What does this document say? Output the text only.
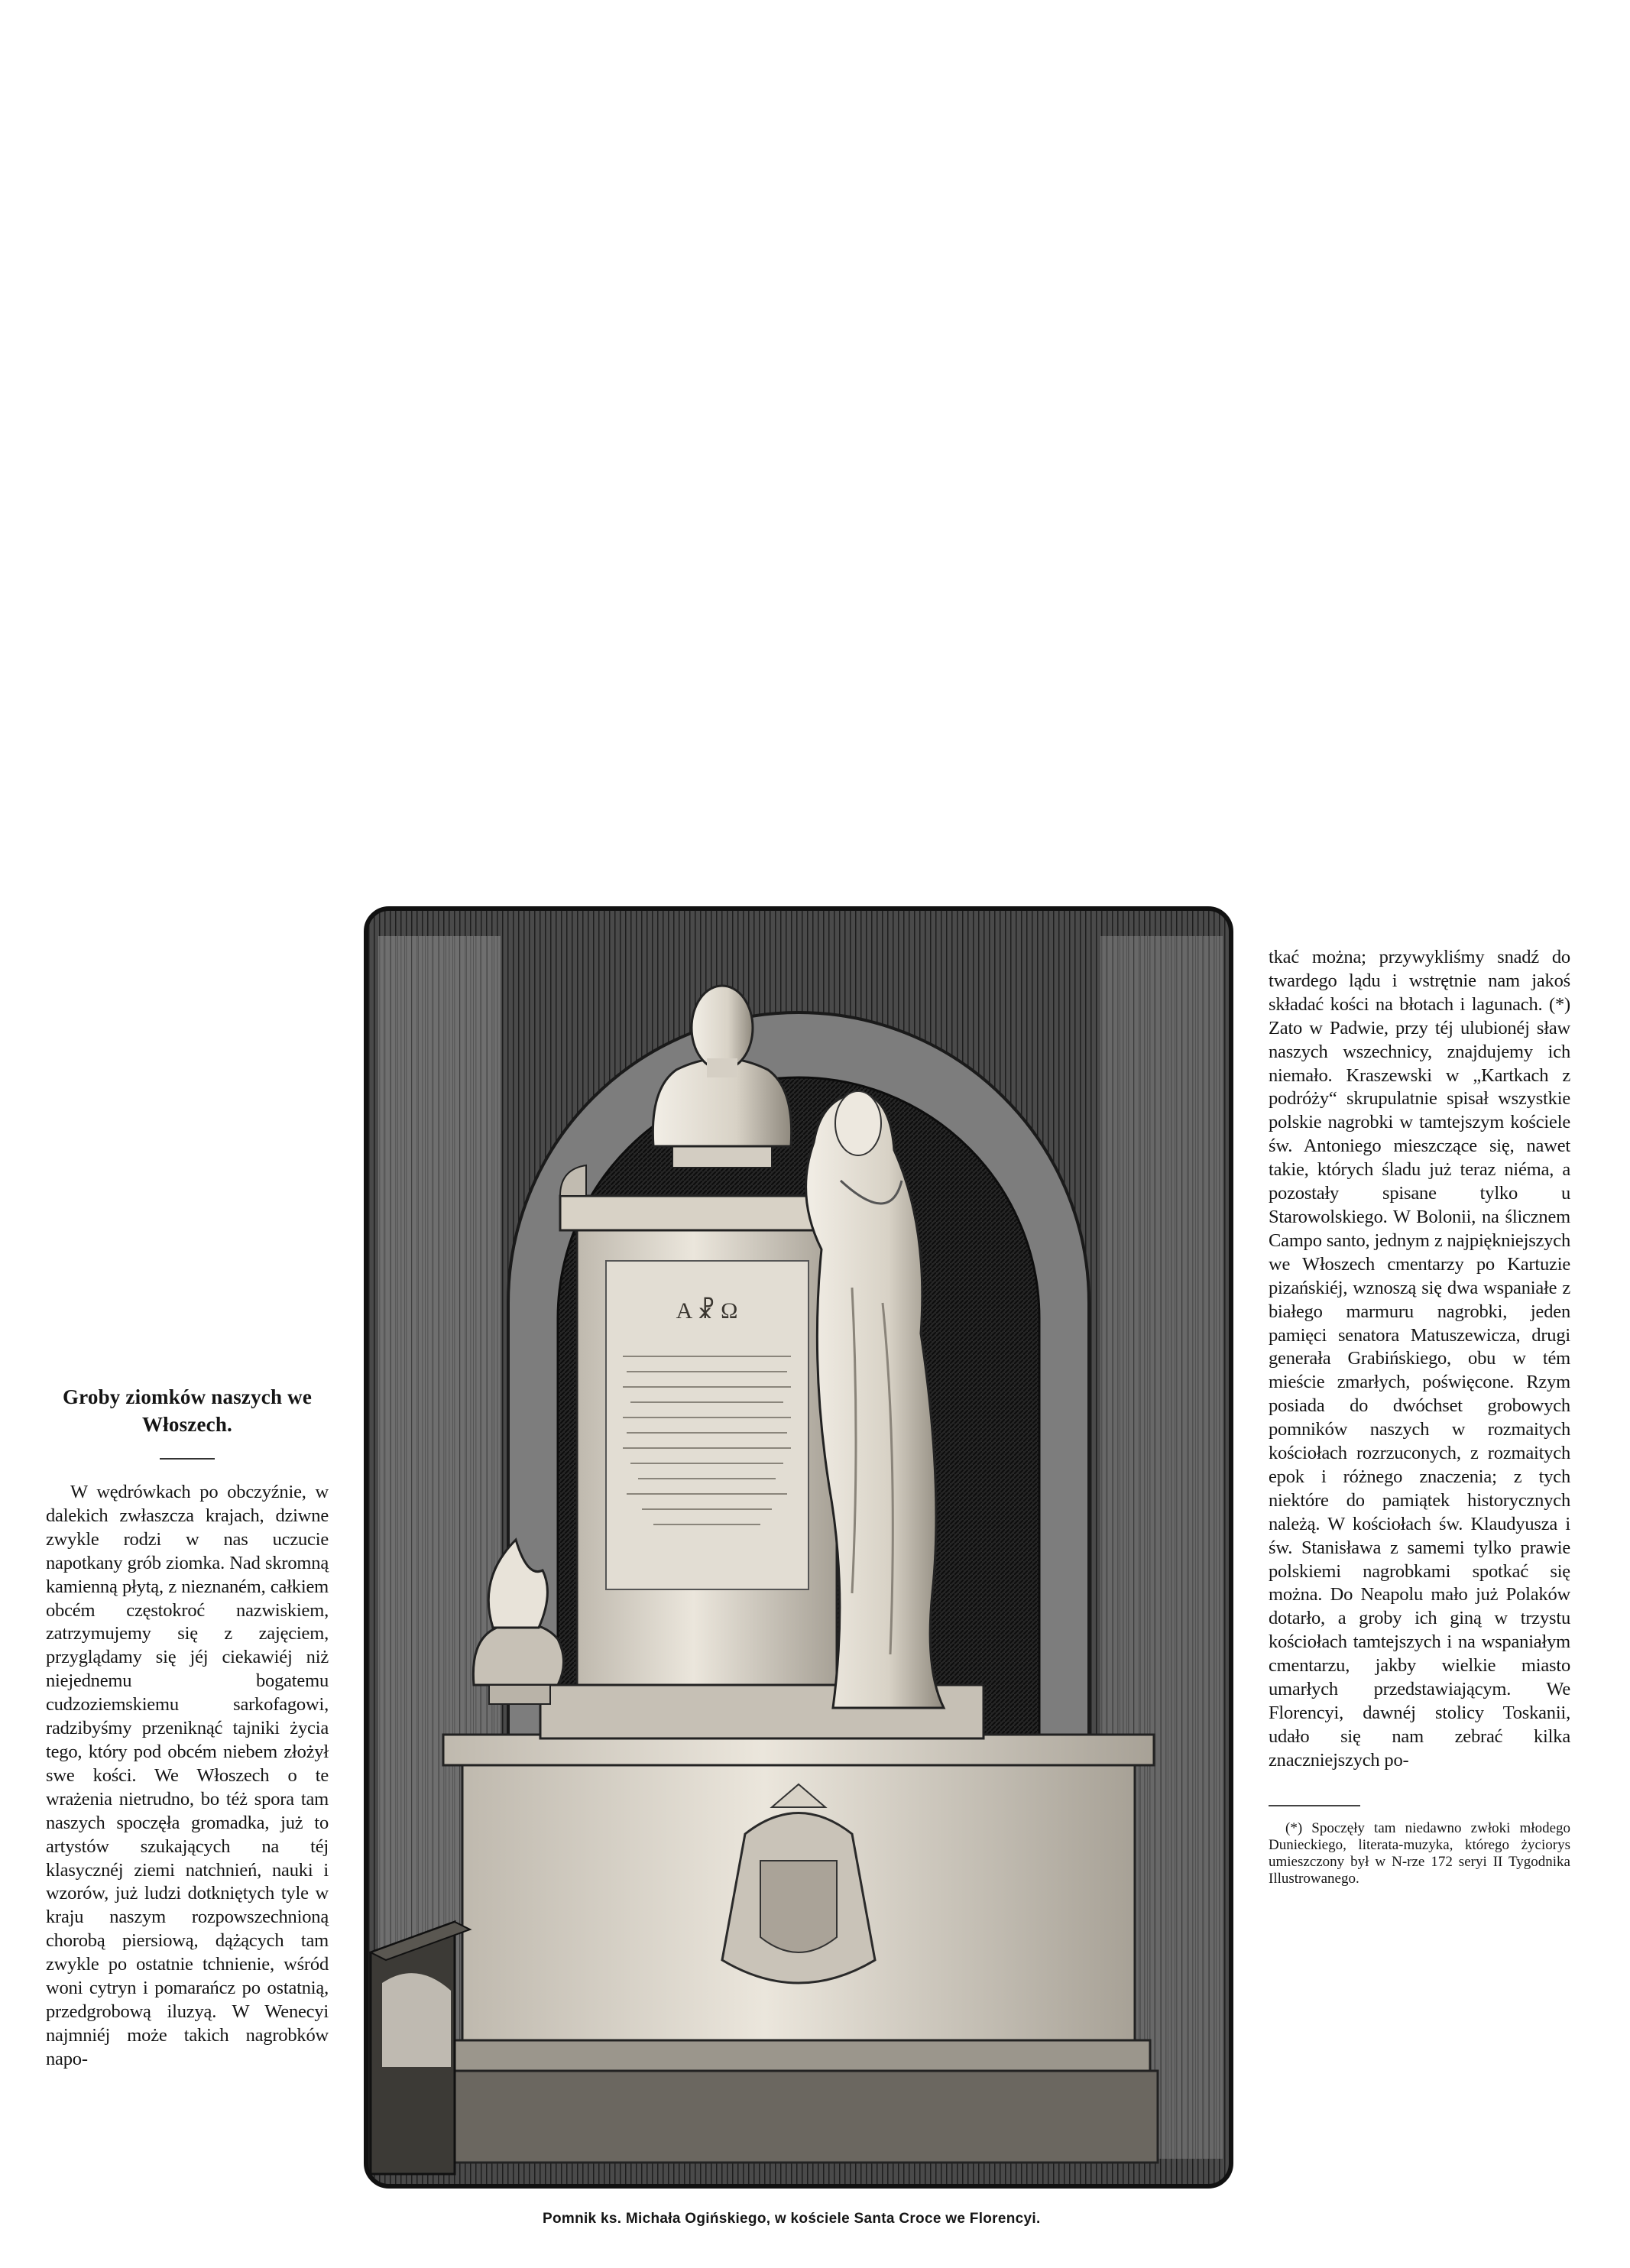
Groby ziomków naszych we
Włoszech.

W wędrówkach po obczyźnie, w dalekich zwłaszcza krajach, dziwne zwykle rodzi w nas uczucie napotkany grób ziomka. Nad skromną kamienną płytą, z nieznaném, całkiem obcém częstokroć nazwiskiem, zatrzymujemy się z zajęciem, przyglądamy się jéj ciekawiéj niż niejednemu bogatemu cudzoziemskiemu sarkofagowi, radzibyśmy przeniknąć tajniki życia tego, który pod obcém niebem złożył swe kości. We Włoszech o te wrażenia nietrudno, bo téż spora tam naszych spoczęła gromadka, już to artystów szukających na téj klasycznéj ziemi natchnień, nauki i wzorów, już ludzi dotkniętych tyle w kraju naszym rozpowszechnioną chorobą piersiową, dążących tam zwykle po ostatnie tchnienie, wśród woni cytryn i pomarańcz po ostatnią, przedgrobową iluzyą. W Wenecyi najmniéj może takich nagrobków napo-

A ☧ Ω
Pomnik ks. Michała Ogińskiego, w kościele Santa Croce we Florencyi.

tkać można; przywykliśmy snadź do twardego lądu i wstrętnie nam jakoś składać kości na błotach i lagunach. (*) Zato w Padwie, przy téj ulubionéj sław naszych wszechnicy, znajdujemy ich niemało. Kraszewski w „Kartkach z podróży“ skrupulatnie spisał wszystkie polskie nagrobki w tamtejszym kościele św. Antoniego mieszczące się, nawet takie, których śladu już teraz niéma, a pozostały spisane tylko u Starowolskiego. W Bolonii, na ślicznem Campo santo, jednym z najpiękniejszych we Włoszech cmentarzy po Kartuzie pizańskiéj, wznoszą się dwa wspaniałe z białego marmuru nagrobki, jeden pamięci senatora Matuszewicza, drugi generała Grabińskiego, obu w tém mieście zmarłych, poświęcone. Rzym posiada do dwóchset grobowych pomników naszych w rozmaitych kościołach rozrzuconych, z rozmaitych epok i różnego znaczenia; z tych niektóre do pamiątek historycznych należą. W kościołach św. Klaudyusza i św. Stanisława z samemi tylko prawie polskiemi nagrobkami spotkać się można. Do Neapolu mało już Polaków dotarło, a groby ich giną w trzystu kościołach tamtejszych i na wspaniałym cmentarzu, jakby wielkie miasto umarłych przedstawiającym. We Florencyi, dawnéj stolicy Toskanii, udało się nam zebrać kilka znaczniejszych po-

(*) Spoczęły tam niedawno zwłoki młodego Dunieckiego, literata-muzyka, którego życiorys umieszczony był w N-rze 172 seryi II Tygodnika Illustrowanego.
